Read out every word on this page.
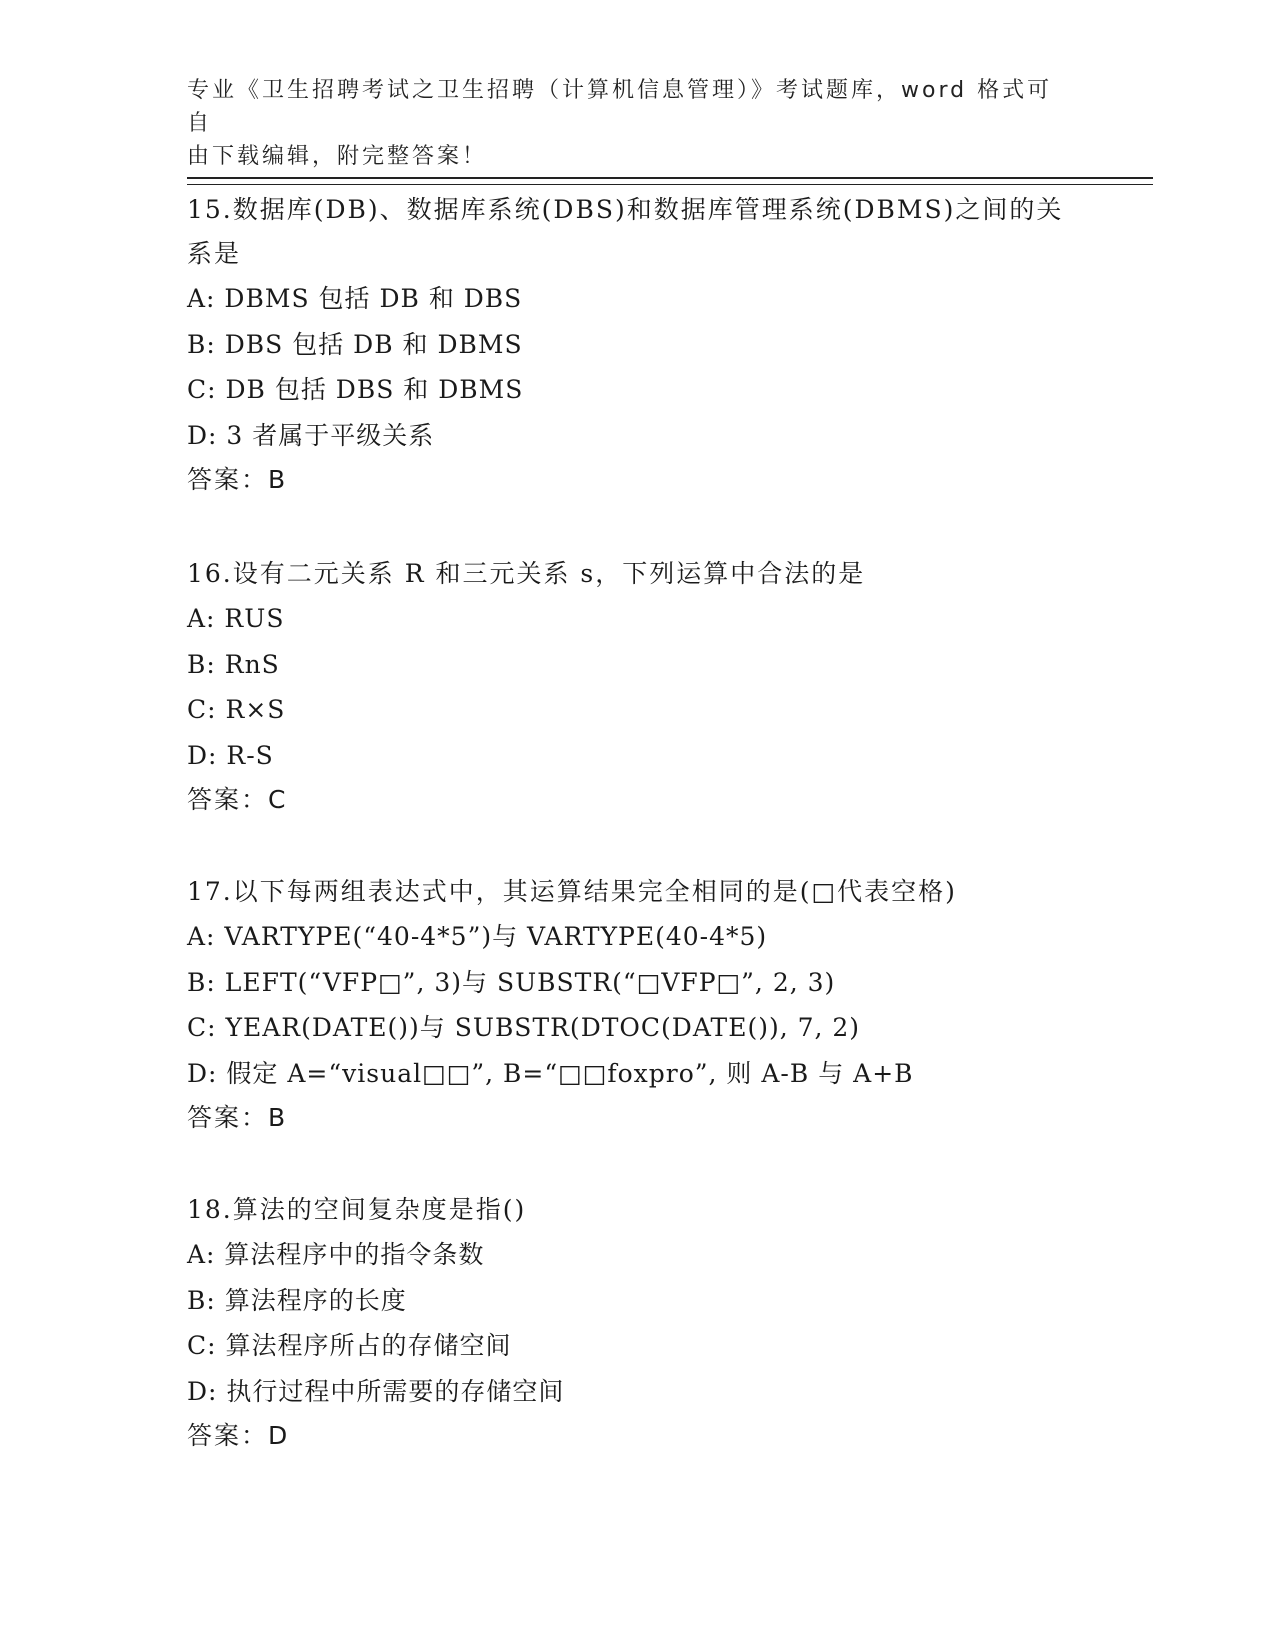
专业《卫生招聘考试之卫生招聘（计算机信息管理）》考试题库，word 格式可自
由下载编辑，附完整答案！
15.数据库(DB)、数据库系统(DBS)和数据库管理系统(DBMS)之间的关
系是
A: DBMS 包括 DB 和 DBS
B: DBS 包括 DB 和 DBMS
C: DB 包括 DBS 和 DBMS
D: 3 者属于平级关系
答案：B
16.设有二元关系 R 和三元关系 s，下列运算中合法的是
A: RUS
B: RnS
C: R×S
D: R-S
答案：C
17.以下每两组表达式中，其运算结果完全相同的是(□代表空格)
A: VARTYPE(“40-4*5”)与 VARTYPE(40-4*5)
B: LEFT(“VFP□”, 3)与 SUBSTR(“□VFP□”, 2, 3)
C: YEAR(DATE())与 SUBSTR(DTOC(DATE()), 7, 2)
D: 假定 A=“visual□□”, B=“□□foxpro”, 则 A-B 与 A+B
答案：B
18.算法的空间复杂度是指()
A: 算法程序中的指令条数
B: 算法程序的长度
C: 算法程序所占的存储空间
D: 执行过程中所需要的存储空间
答案：D
